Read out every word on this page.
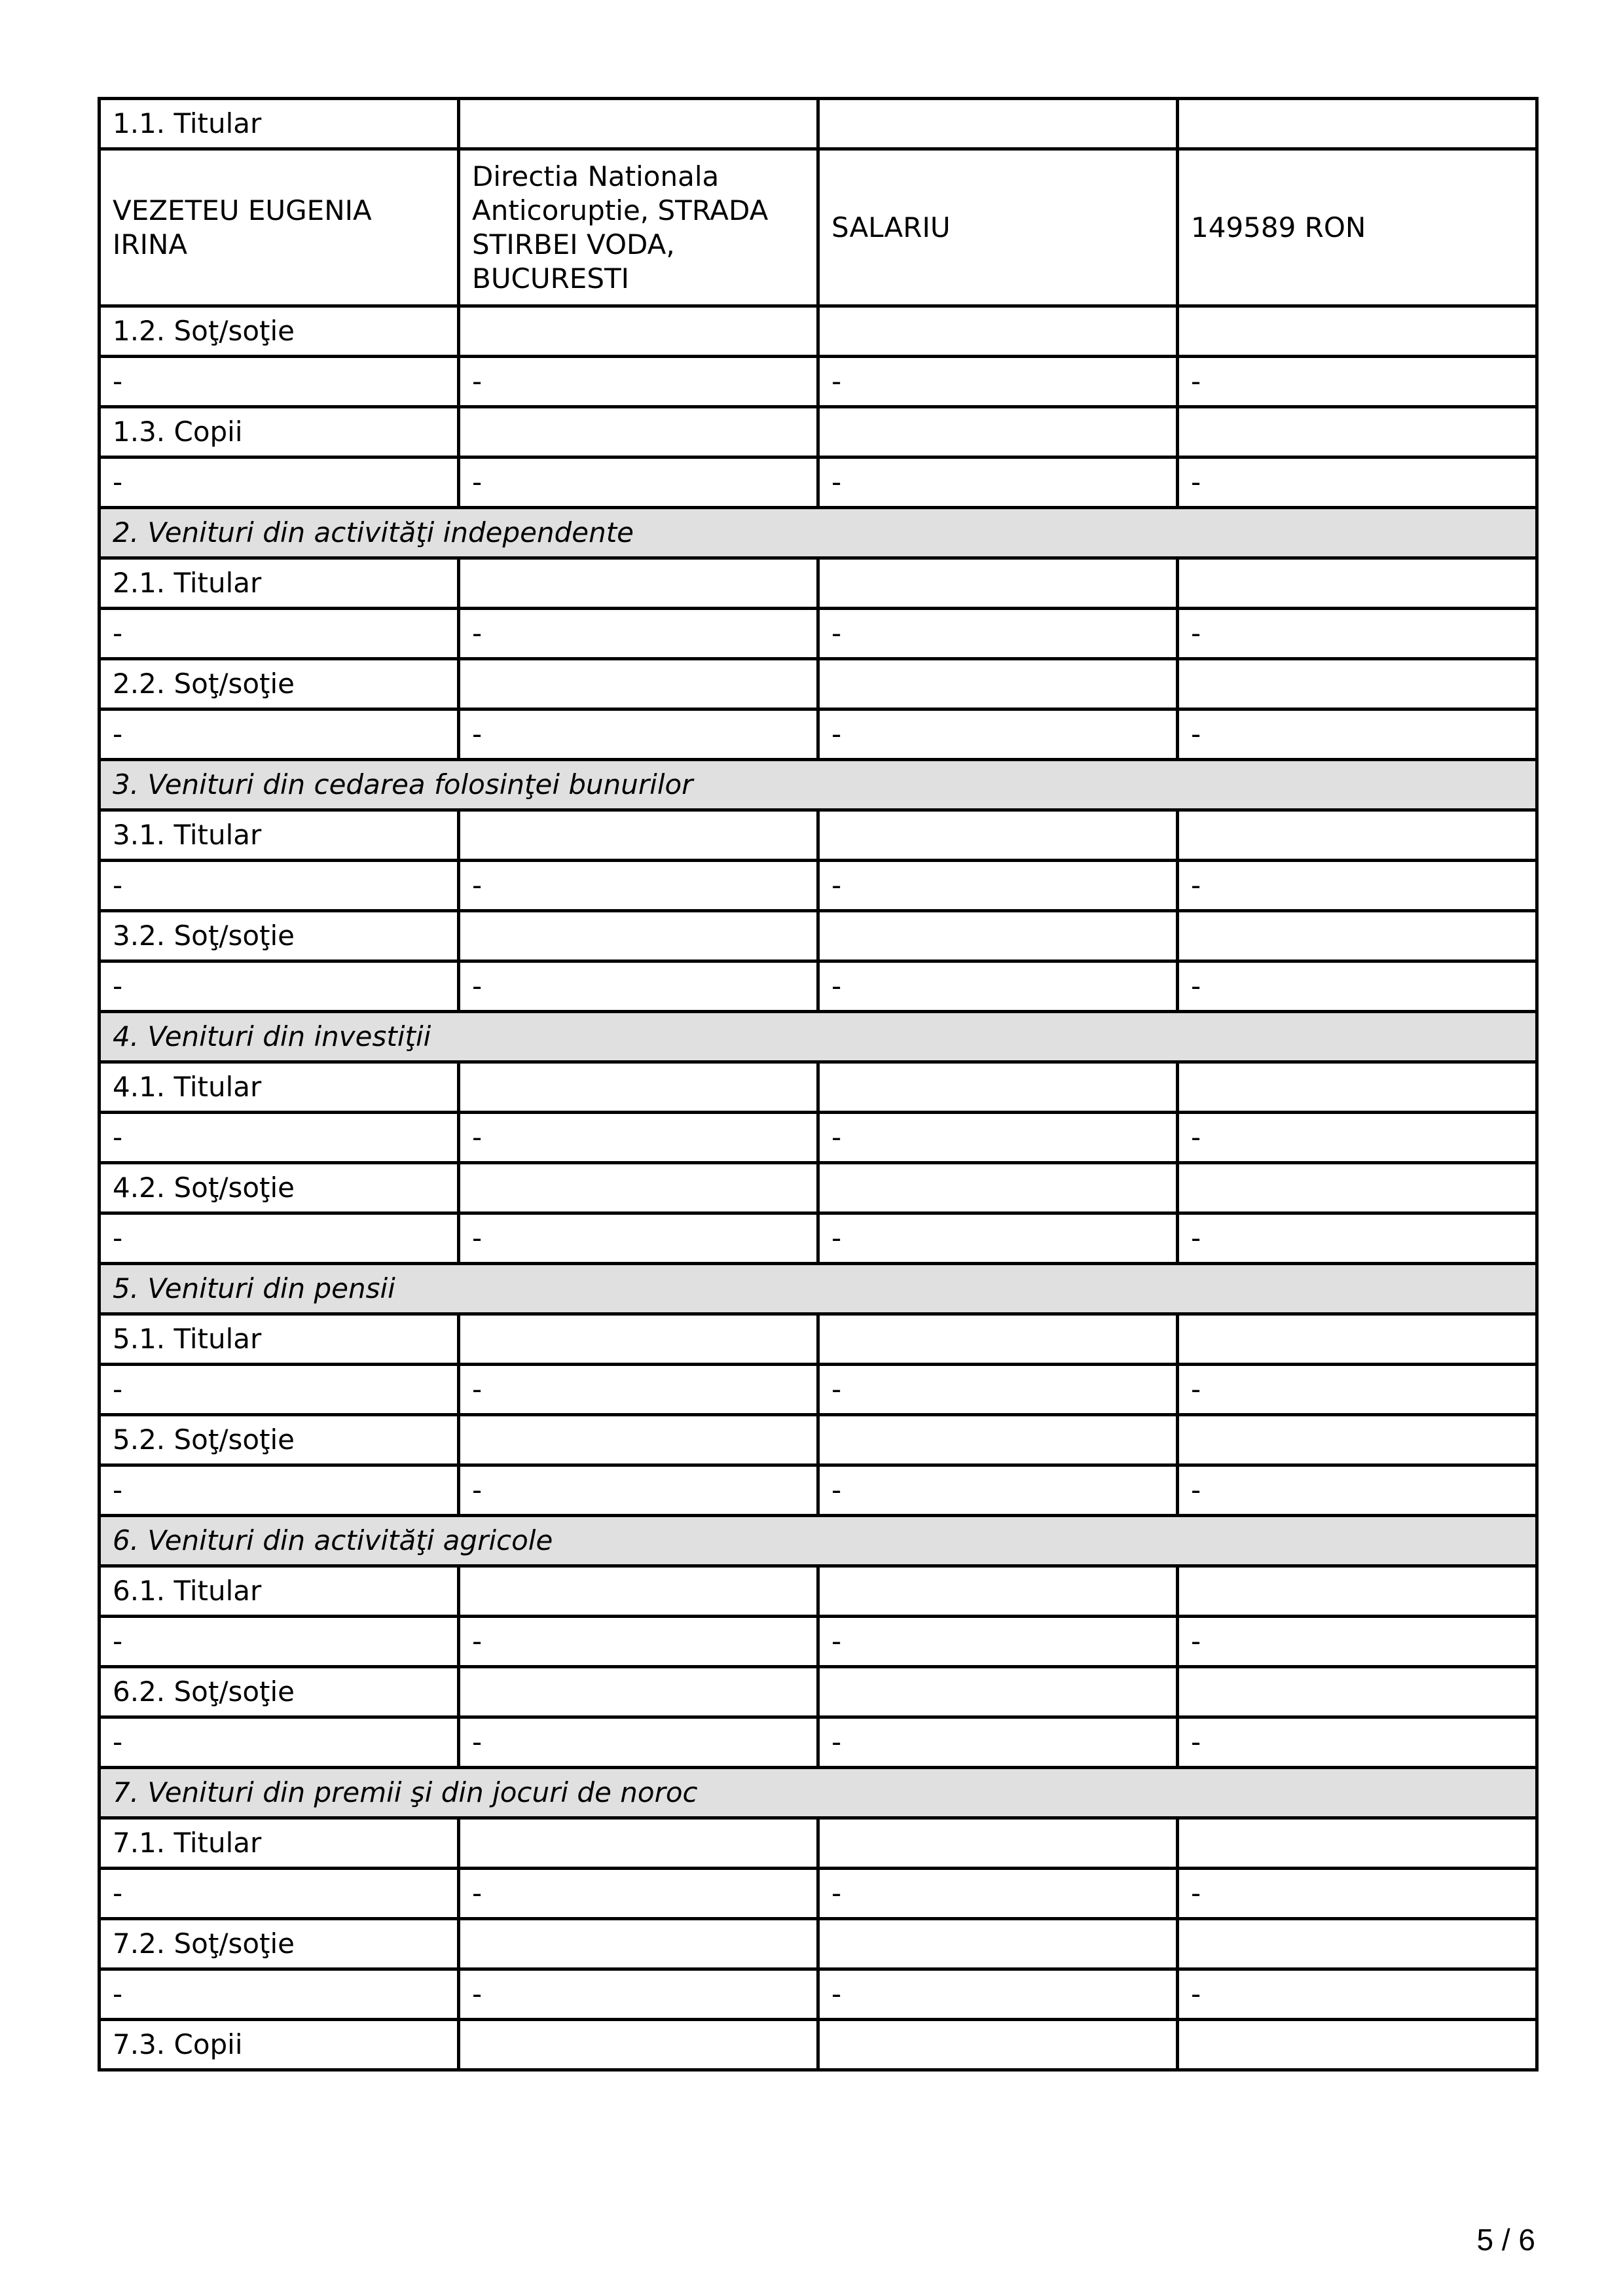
1.1. Titular			
VEZETEU EUGENIA IRINA	Directia Nationala Anticoruptie, STRADA STIRBEI VODA, BUCURESTI	SALARIU	149589 RON
1.2. Soţ/soţie			
-	-	-	-
1.3. Copii			
-	-	-	-
2. Venituri din activităţi independente			
2.1. Titular			
-	-	-	-
2.2. Soţ/soţie			
-	-	-	-
3. Venituri din cedarea folosinţei bunurilor			
3.1. Titular			
-	-	-	-
3.2. Soţ/soţie			
-	-	-	-
4. Venituri din investiţii			
4.1. Titular			
-	-	-	-
4.2. Soţ/soţie			
-	-	-	-
5. Venituri din pensii			
5.1. Titular			
-	-	-	-
5.2. Soţ/soţie			
-	-	-	-
6. Venituri din activităţi agricole			
6.1. Titular			
-	-	-	-
6.2. Soţ/soţie			
-	-	-	-
7. Venituri din premii şi din jocuri de noroc			
7.1. Titular			
-	-	-	-
7.2. Soţ/soţie			
-	-	-	-
7.3. Copii			
5 / 6
